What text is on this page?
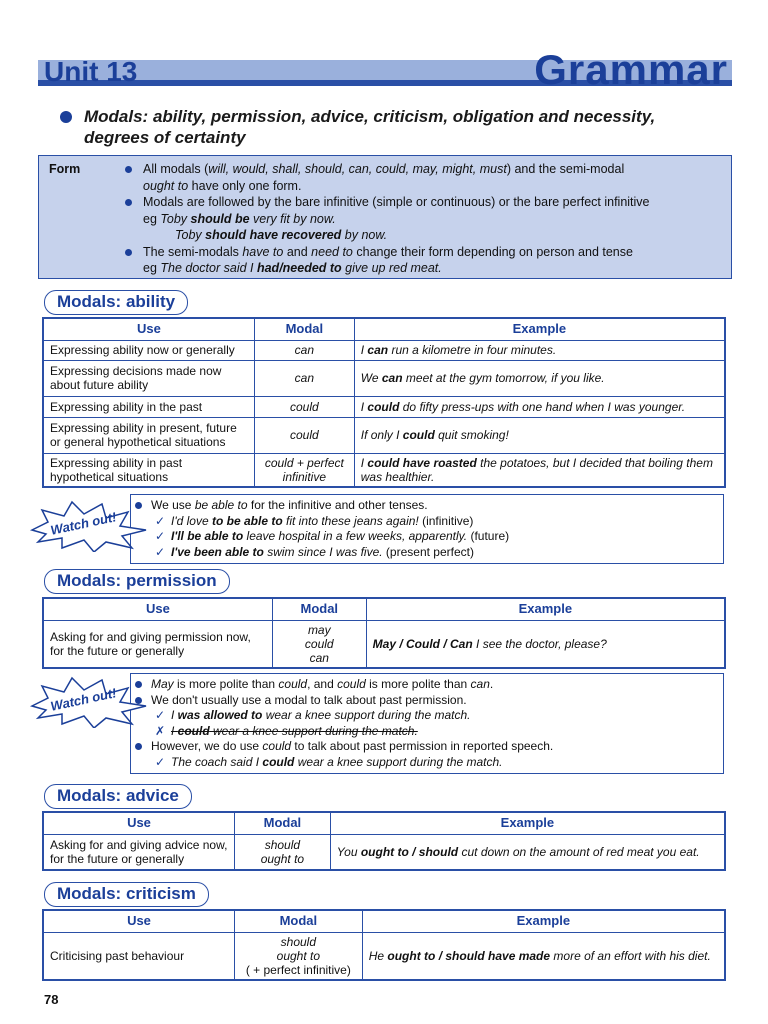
Unit 13	Grammar
Modals: ability, permission, advice, criticism, obligation and necessity, degrees of certainty
Form	All modals (will, would, shall, should, can, could, may, might, must) and the semi-modal
ought to have only one form.
Modals are followed by the bare infinitive (simple or continuous) or the bare perfect infinitive
eg Toby should be very fit by now.
Toby should have recovered by now.
The semi-modals have to and need to change their form depending on person and tense
eg The doctor said I had/needed to give up red meat.
Modals: ability
Use	Modal	Example
Expressing ability now or generally	can	I can run a kilometre in four minutes.
Expressing decisions made now about future ability	can	We can meet at the gym tomorrow, if you like.
Expressing ability in the past	could	I could do fifty press-ups with one hand when I was younger.
Expressing ability in present, future or general hypothetical situations	could	If only I could quit smoking!
Expressing ability in past hypothetical situations	could + perfect infinitive	I could have roasted the potatoes, but I decided that boiling them was healthier.
Watch out!
We use be able to for the infinitive and other tenses.
✓ I'd love to be able to fit into these jeans again! (infinitive)
✓ I'll be able to leave hospital in a few weeks, apparently. (future)
✓ I've been able to swim since I was five. (present perfect)
Modals: permission
Use	Modal	Example
Asking for and giving permission now, for the future or generally	may
could
can	May / Could / Can I see the doctor, please?
Watch out!
May is more polite than could, and could is more polite than can.
We don't usually use a modal to talk about past permission.
✓ I was allowed to wear a knee support during the match.
✗ I could wear a knee support during the match.
However, we do use could to talk about past permission in reported speech.
✓ The coach said I could wear a knee support during the match.
Modals: advice
Use	Modal	Example
Asking for and giving advice now, for the future or generally	should
ought to	You ought to / should cut down on the amount of red meat you eat.
Modals: criticism
Use	Modal	Example
Criticising past behaviour	should
ought to
( + perfect infinitive)	He ought to / should have made more of an effort with his diet.
78
